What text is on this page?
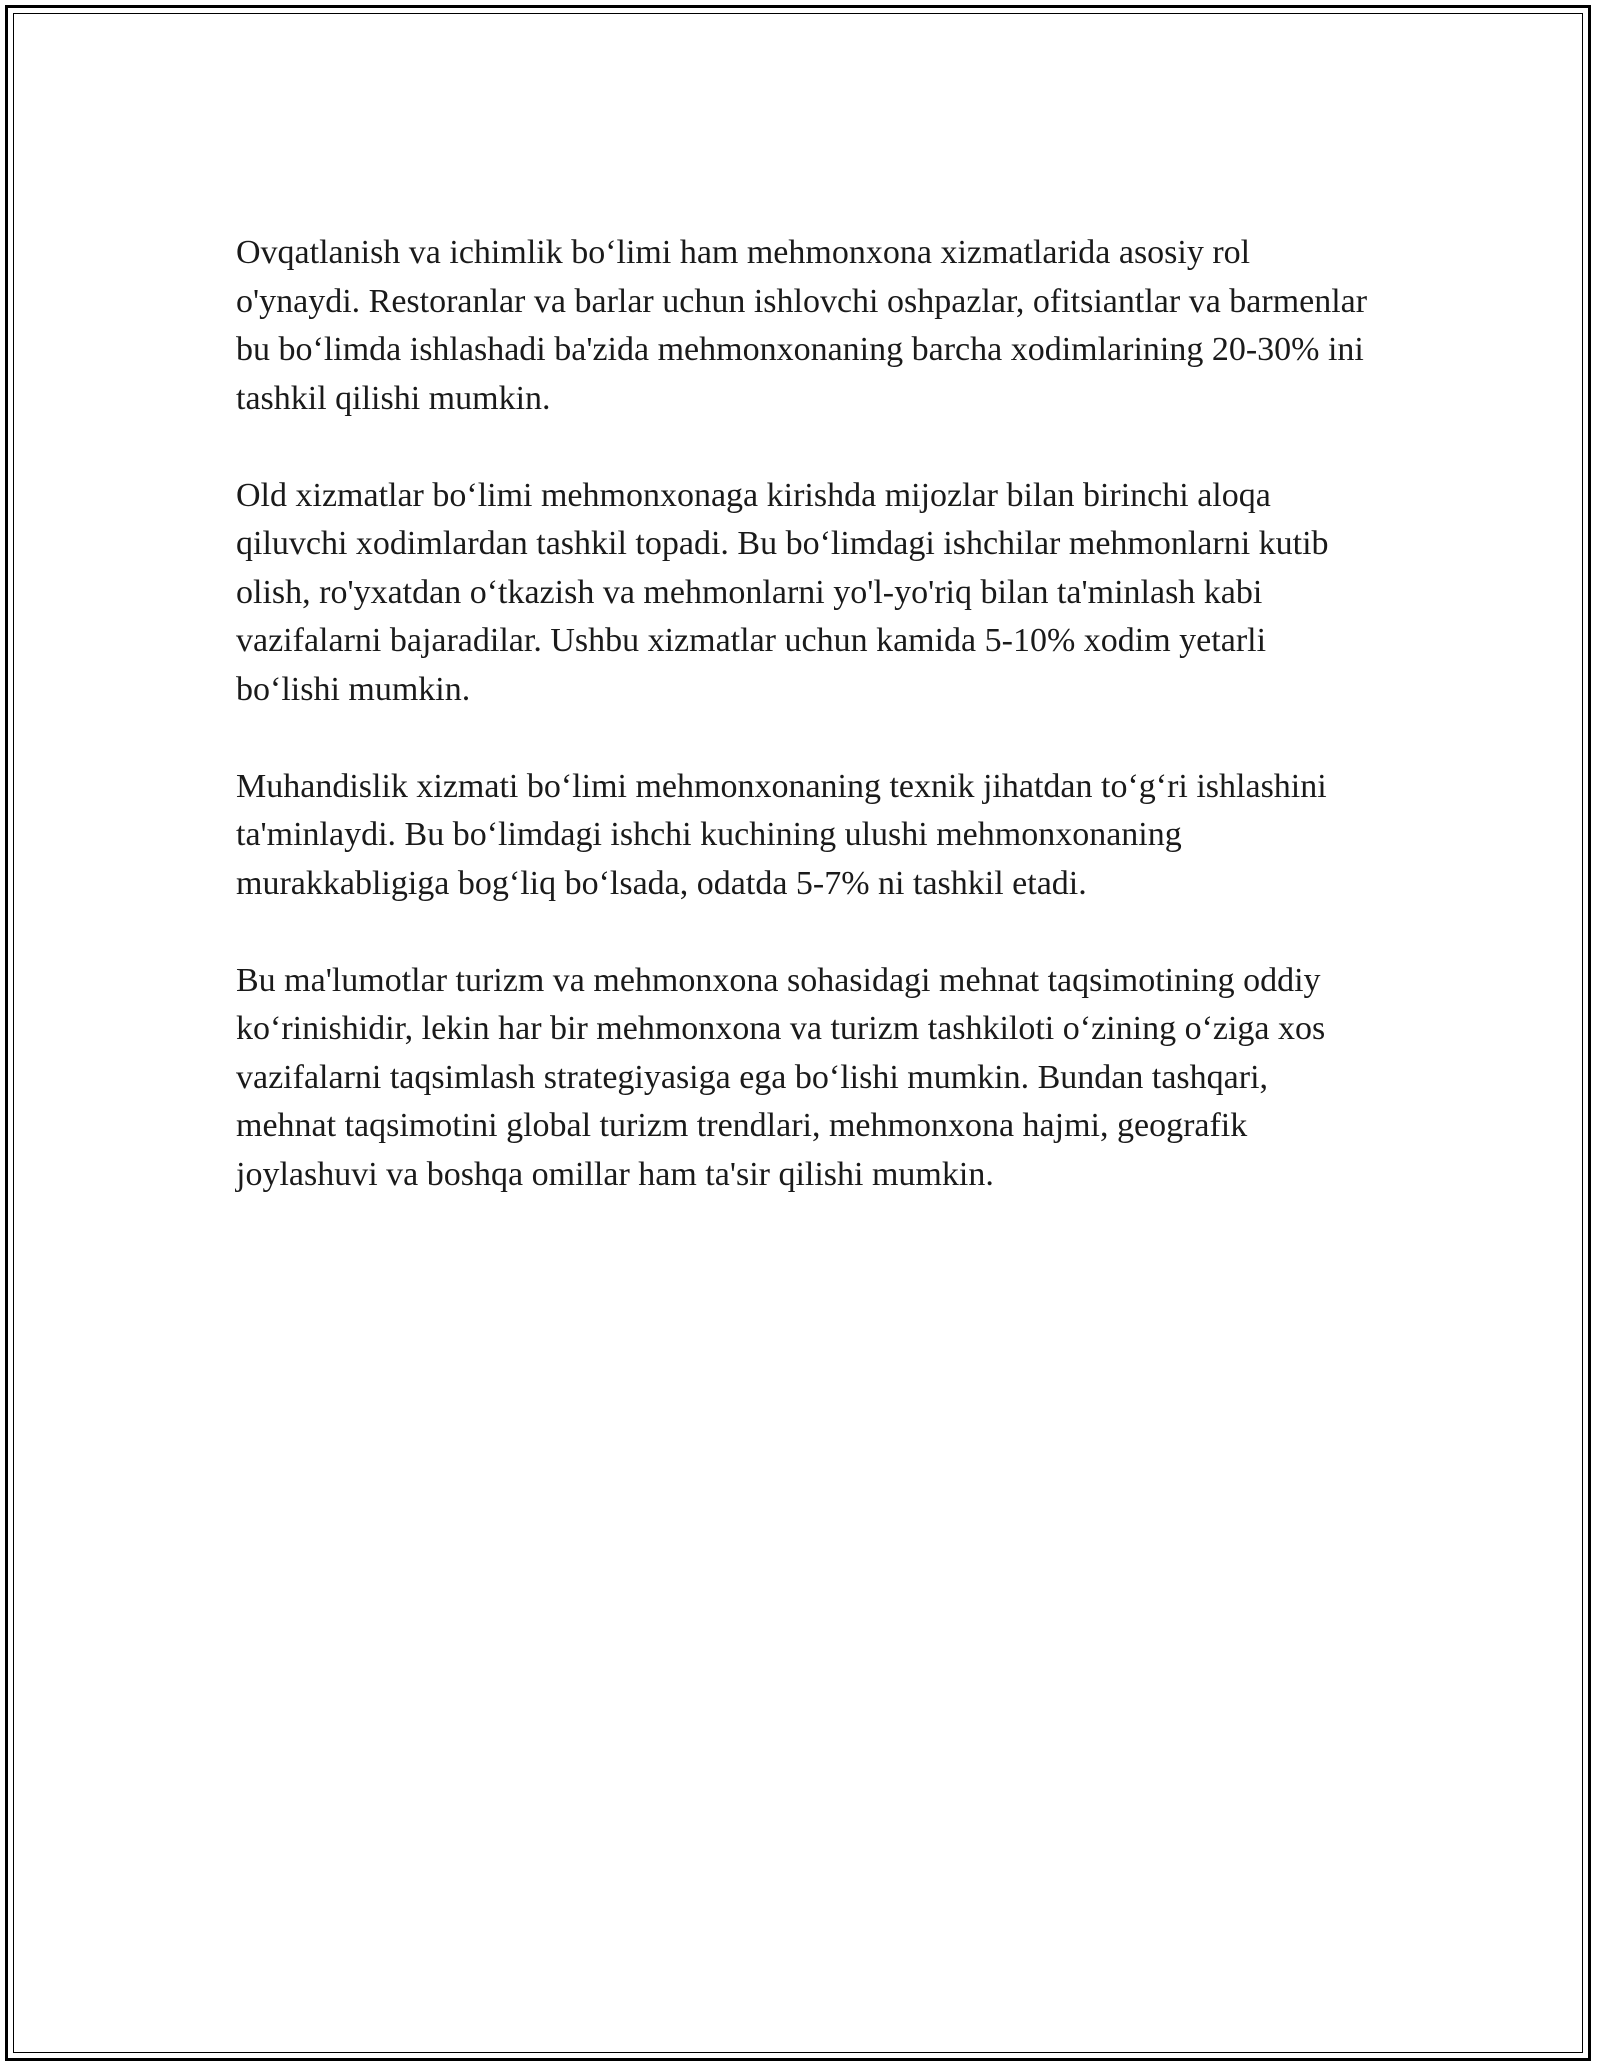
Ovqatlanish va ichimlik bo‘limi ham mehmonxona xizmatlarida asosiy rol o'ynaydi. Restoranlar va barlar uchun ishlovchi oshpazlar, ofitsiantlar va barmenlar bu bo‘limda ishlashadi ba'zida mehmonxonaning barcha xodimlarining 20-30% ini tashkil qilishi mumkin.

Old xizmatlar bo‘limi mehmonxonaga kirishda mijozlar bilan birinchi aloqa qiluvchi xodimlardan tashkil topadi. Bu bo‘limdagi ishchilar mehmonlarni kutib olish, ro'yxatdan o‘tkazish va mehmonlarni yo'l-yo'riq bilan ta'minlash kabi vazifalarni bajaradilar. Ushbu xizmatlar uchun kamida 5-10% xodim yetarli bo‘lishi mumkin.

Muhandislik xizmati bo‘limi mehmonxonaning texnik jihatdan to‘g‘ri ishlashini ta'minlaydi. Bu bo‘limdagi ishchi kuchining ulushi mehmonxonaning murakkabligiga bog‘liq bo‘lsada, odatda 5-7% ni tashkil etadi.

Bu ma'lumotlar turizm va mehmonxona sohasidagi mehnat taqsimotining oddiy ko‘rinishidir, lekin har bir mehmonxona va turizm tashkiloti o‘zining o‘ziga xos vazifalarni taqsimlash strategiyasiga ega bo‘lishi mumkin. Bundan tashqari, mehnat taqsimotini global turizm trendlari, mehmonxona hajmi, geografik joylashuvi va boshqa omillar ham ta'sir qilishi mumkin.
